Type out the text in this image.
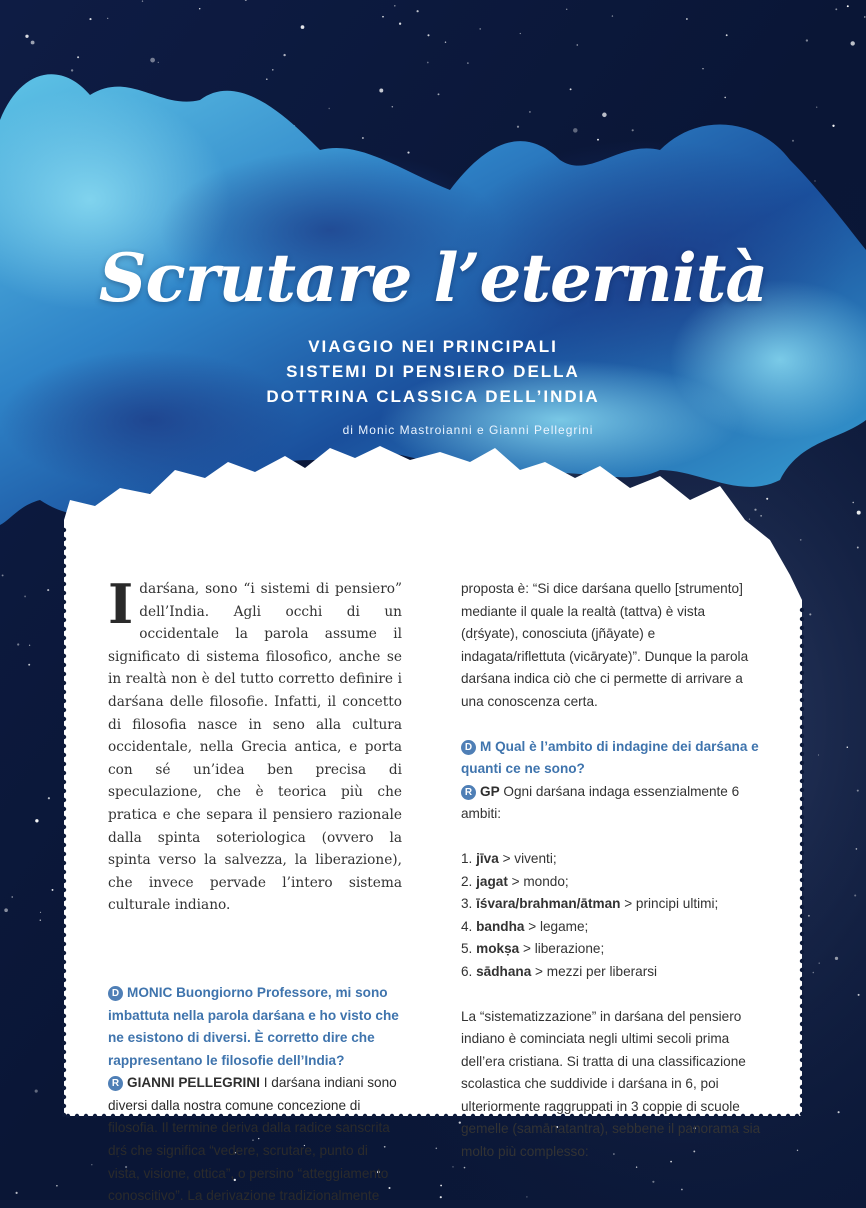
Scrutare l’eternità
VIAGGIO NEI PRINCIPALI
SISTEMI DI PENSIERO DELLA
DOTTRINA CLASSICA DELL’INDIA
di Monic Mastroianni e Gianni Pellegrini

Idarśana, sono “i sistemi di pensiero” dell’India. Agli occhi di un occidentale la parola assume il significato di sistema filosofico, anche se in realtà non è del tutto corretto definire i darśana delle filosofie. Infatti, il concetto di filosofia nasce in seno alla cultura occidentale, nella Grecia antica, e porta con sé un’idea ben precisa di speculazione, che è teorica più che pratica e che separa il pensiero razionale dalla spinta soteriologica (ovvero la spinta verso la salvezza, la liberazione), che invece pervade l’intero sistema culturale indiano.

D MONIC Buongiorno Professore, mi sono imbattuta nella parola darśana e ho visto che ne esistono di diversi. È corretto dire che rappresentano le filosofie dell’India?

R GIANNI PELLEGRINI I darśana indiani sono diversi dalla nostra comune concezione di filosofia. Il termine deriva dalla radice sanscrita dṛś che significa “vedere, scrutare, punto di vista, visione, ottica”, o persino “atteggiamento conoscitivo”. La derivazione tradizionalmente

proposta è: “Si dice darśana quello [strumento] mediante il quale la realtà (tattva) è vista (dṛśyate), conosciuta (jñāyate) e indagata/riflettuta (vicāryate)”. Dunque la parola darśana indica ciò che ci permette di arrivare a una conoscenza certa.

D M Qual è l’ambito di indagine dei darśana e quanti ce ne sono?

R GP Ogni darśana indaga essenzialmente 6 ambiti:

1. jīva > viventi;
2. jagat > mondo;
3. īśvara/brahman/ātman > principi ultimi;
4. bandha > legame;
5. mokṣa > liberazione;
6. sādhana > mezzi per liberarsi

La “sistematizzazione” in darśana del pensiero indiano è cominciata negli ultimi secoli prima dell’era cristiana. Si tratta di una classificazione scolastica che suddivide i darśana in 6, poi ulteriormente raggruppati in 3 coppie di scuole gemelle (samānatantra), sebbene il panorama sia molto più complesso:
